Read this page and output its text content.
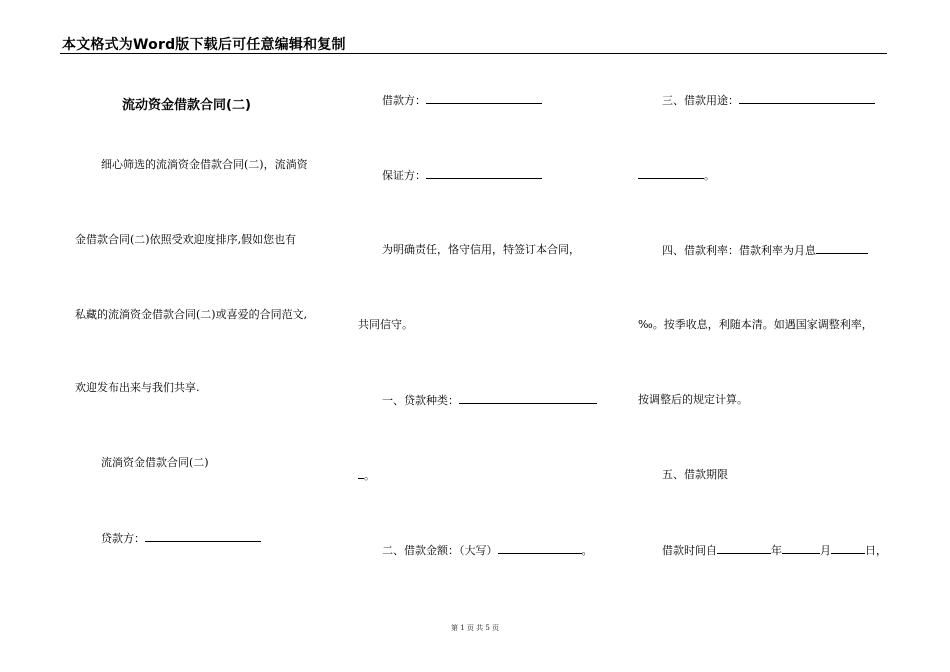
本文格式为Word版下载后可任意编辑和复制
流动资金借款合同(二)
细心筛选的流淌资金借款合同(二)，流淌资
金借款合同(二)依照受欢迎度排序,假如您也有
私藏的流淌资金借款合同(二)或喜爱的合同范文,
欢迎发布出来与我们共享.
流淌资金借款合同(二)
贷款方：
借款方：
保证方：
为明确责任，恪守信用，特签订本合同，
共同信守。
一、贷款种类：
。
二、借款金额：（大写）	。
三、借款用途：
。
四、借款利率：借款利率为月息
‰。按季收息，利随本清。如遇国家调整利率，
按调整后的规定计算。
五、借款期限
借款时间自	年	月	日，
第 1 页 共 5 页
